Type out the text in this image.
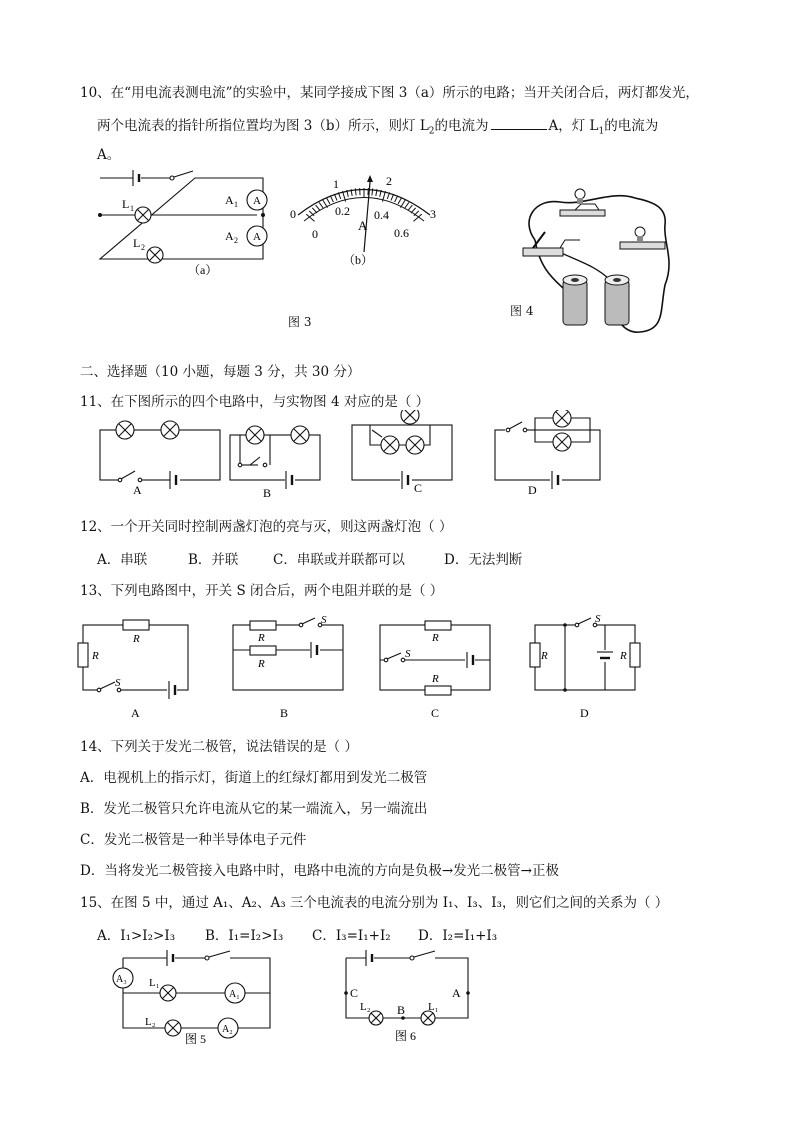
10、在“用电流表测电流”的实验中，某同学接成下图 3（a）所示的电路；当开关闭合后，两灯都发光，
两个电流表的指针所指位置均为图 3（b）所示，则灯 $L_2$的电流为	A，灯 $L_1$的电流为
A。
L 1
L 2
A 1
A 2
A
A
（a）
0
1	2
3
0
0.2 0.4
0.6
A
（b）
图 3
图 4
二、选择题（10 小题，每题 3 分，共 30 分）
11、在下图所示的四个电路中，与实物图 4 对应的是（ ）
A	B	C	D
12、一个开关同时控制两盏灯泡的亮与灭，则这两盏灯泡（ ）
A．串联	B．并联	C．串联或并联都可以	D．无法判断
13、下列电路图中，开关 S 闭合后，两个电阻并联的是（ ）
R
R
S
R
R
S
R
S
R
R
S
R
A	B	C	D
14、下列关于发光二极管，说法错误的是（ ）
A．电视机上的指示灯，街道上的红绿灯都用到发光二极管
B．发光二极管只允许电流从它的某一端流入，另一端流出
C．发光二极管是一种半导体电子元件
D．当将发光二极管接入电路中时，电路中电流的方向是负极→发光二极管→正极
15、在图 5 中，通过 A₁、A₂、A₃ 三个电流表的电流分别为 I₁、I₃、I₃，则它们之间的关系为（ ）
A．I₁>I₂>I₃ B．I₁=I₂>I₃ C．I₃=I₁+I₂ D．I₂=I₁+I₃
A₃ L₁
A₁
L₂
A₂
图 5
C	A
B
L₂	L₁
图 6
